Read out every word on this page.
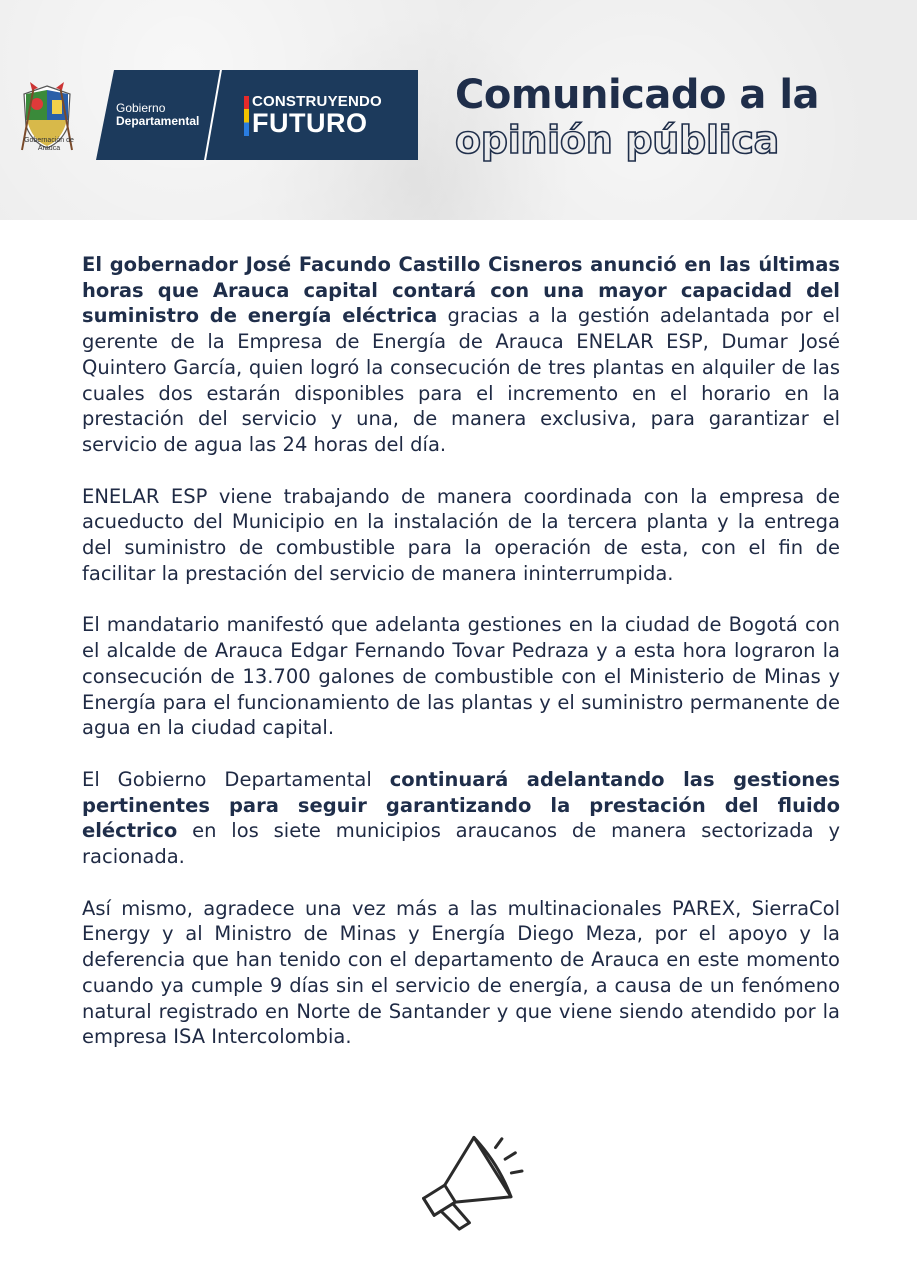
Gobernación de Arauca
Gobierno
Departamental
CONSTRUYENDO
FUTURO
Comunicado a la
opinión pública

El gobernador José Facundo Castillo Cisneros anunció en las últimas horas que Arauca capital contará con una mayor capacidad del suministro de energía eléctrica gracias a la gestión adelantada por el gerente de la Empresa de Energía de Arauca ENELAR ESP, Dumar José Quintero García, quien logró la consecución de tres plantas en alquiler de las cuales dos estarán disponibles para el incremento en el horario en la prestación del servicio y una, de manera exclusiva, para garantizar el servicio de agua las 24 horas del día.

ENELAR ESP viene trabajando de manera coordinada con la empresa de acueducto del Municipio en la instalación de la tercera planta y la entrega del suministro de combustible para la operación de esta, con el fin de facilitar la prestación del servicio de manera ininterrumpida.

El mandatario manifestó que adelanta gestiones en la ciudad de Bogotá con el alcalde de Arauca Edgar Fernando Tovar Pedraza y a esta hora lograron la consecución de 13.700 galones de combustible con el Ministerio de Minas y Energía para el funcionamiento de las plantas y el suministro permanente de agua en la ciudad capital.

El Gobierno Departamental continuará adelantando las gestiones pertinentes para seguir garantizando la prestación del fluido eléctrico en los siete municipios araucanos de manera sectorizada y racionada.

Así mismo, agradece una vez más a las multinacionales PAREX, SierraCol Energy y al Ministro de Minas y Energía Diego Meza, por el apoyo y la deferencia que han tenido con el departamento de Arauca en este momento cuando ya cumple 9 días sin el servicio de energía, a causa de un fenómeno natural registrado en Norte de Santander y que viene siendo atendido por la empresa ISA Intercolombia.
